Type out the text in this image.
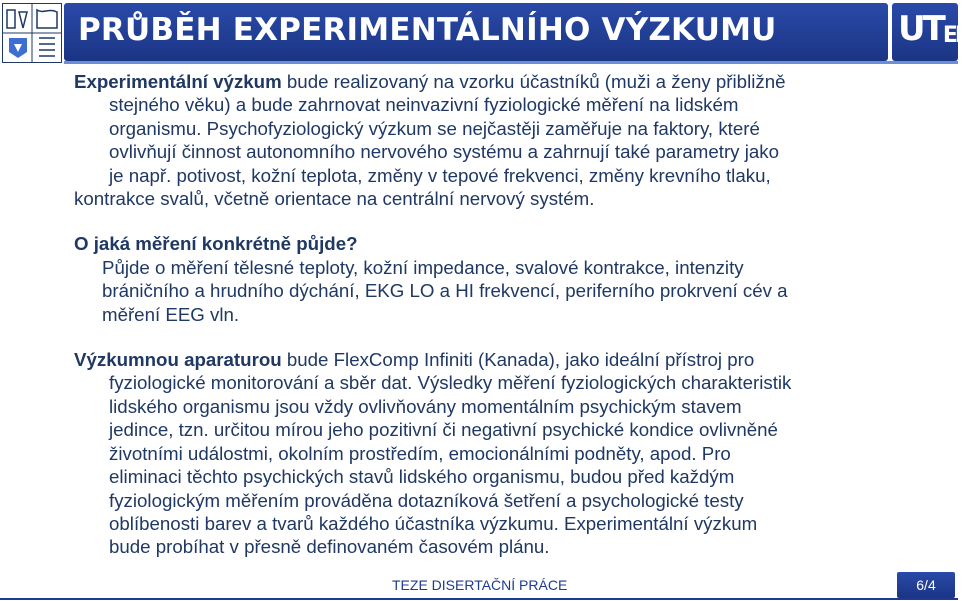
PRŮBĚH EXPERIMENTÁLNÍHO VÝZKUMU	$UT^{EE}$
Experimentální výzkum bude realizovaný na vzorku účastníků (muži a ženy přibližně
stejného věku) a bude zahrnovat neinvazivní fyziologické měření na lidském
organismu. Psychofyziologický výzkum se nejčastěji zaměřuje na faktory, které
ovlivňují činnost autonomního nervového systému a zahrnují také parametry jako
je např. potivost, kožní teplota, změny v tepové frekvenci, změny krevního tlaku,
kontrakce svalů, včetně orientace na centrální nervový systém.
O jaká měření konkrétně půjde?
Půjde o měření tělesné teploty, kožní impedance, svalové kontrakce, intenzity
bráničního a hrudního dýchání, EKG LO a HI frekvencí, periferního prokrvení cév a
měření EEG vln.
Výzkumnou aparaturou bude FlexComp Infiniti (Kanada), jako ideální přístroj pro
fyziologické monitorování a sběr dat. Výsledky měření fyziologických charakteristik
lidského organismu jsou vždy ovlivňovány momentálním psychickým stavem
jedince, tzn. určitou mírou jeho pozitivní či negativní psychické kondice ovlivněné
životními událostmi, okolním prostředím, emocionálními podněty, apod. Pro
eliminaci těchto psychických stavů lidského organismu, budou před každým
fyziologickým měřením prováděna dotazníková šetření a psychologické testy
oblíbenosti barev a tvarů každého účastníka výzkumu. Experimentální výzkum
bude probíhat v přesně definovaném časovém plánu.
TEZE DISERTAČNÍ PRÁCE	6/4
